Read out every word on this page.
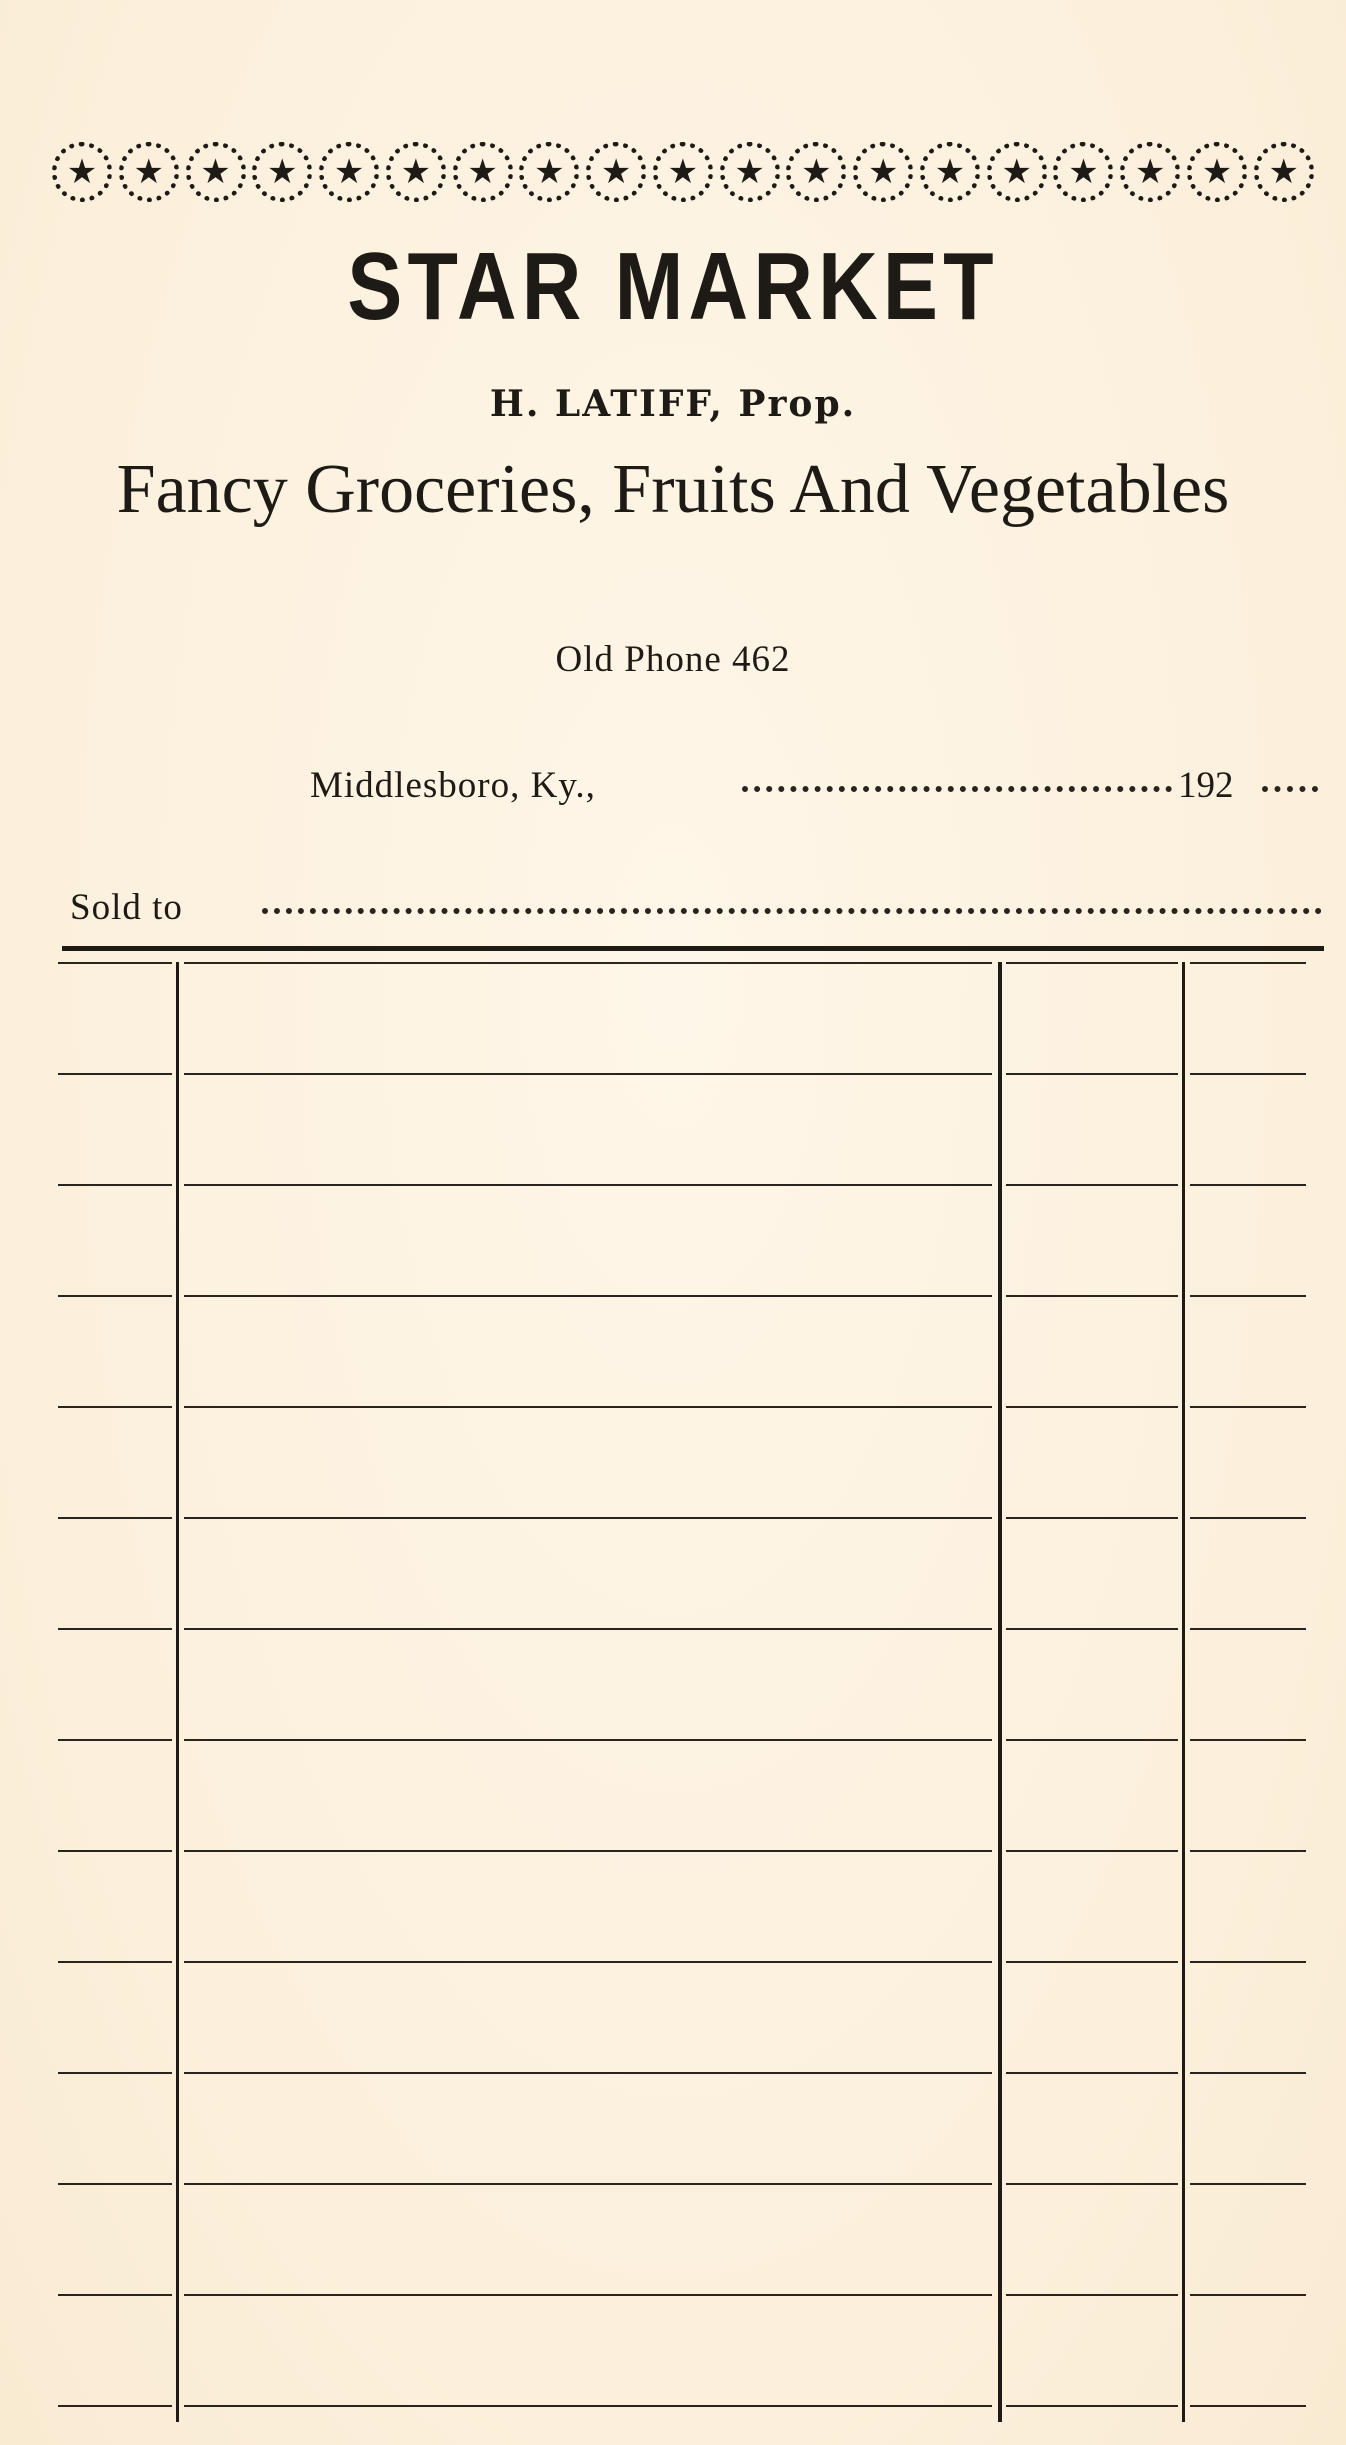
★	★	★	★	★	★	★	★	★	★	★	★	★	★	★	★	★	★	★
STAR MARKET
H. LATIFF, Prop.
Fancy Groceries, Fruits And Vegetables
Old Phone 462
Middlesboro, Ky.,	192
Sold to
